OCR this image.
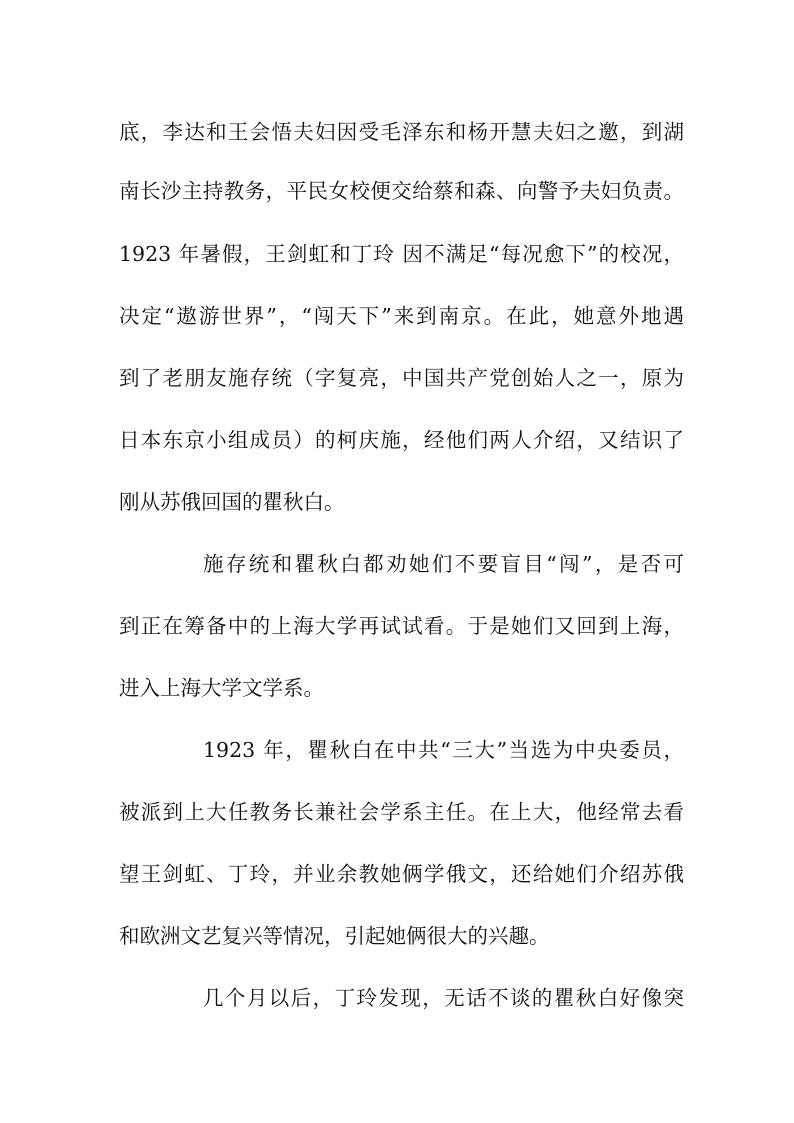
底，李达和王会悟夫妇因受毛泽东和杨开慧夫妇之邀，到湖
南长沙主持教务，平民女校便交给蔡和森、向警予夫妇负责。
1923 年暑假，王剑虹和丁玲 因不满足“每况愈下”的校况，
决定“遨游世界”，“闯天下”来到南京。在此，她意外地遇
到了老朋友施存统（字复亮，中国共产党创始人之一，原为
日本东京小组成员）的柯庆施，经他们两人介绍，又结识了
刚从苏俄回国的瞿秋白。
施存统和瞿秋白都劝她们不要盲目“闯”，是否可
到正在筹备中的上海大学再试试看。于是她们又回到上海，
进入上海大学文学系。
1923 年，瞿秋白在中共“三大”当选为中央委员，
被派到上大任教务长兼社会学系主任。在上大，他经常去看
望王剑虹、丁玲，并业余教她俩学俄文，还给她们介绍苏俄
和欧洲文艺复兴等情况，引起她俩很大的兴趣。
几个月以后，丁玲发现，无话不谈的瞿秋白好像突
